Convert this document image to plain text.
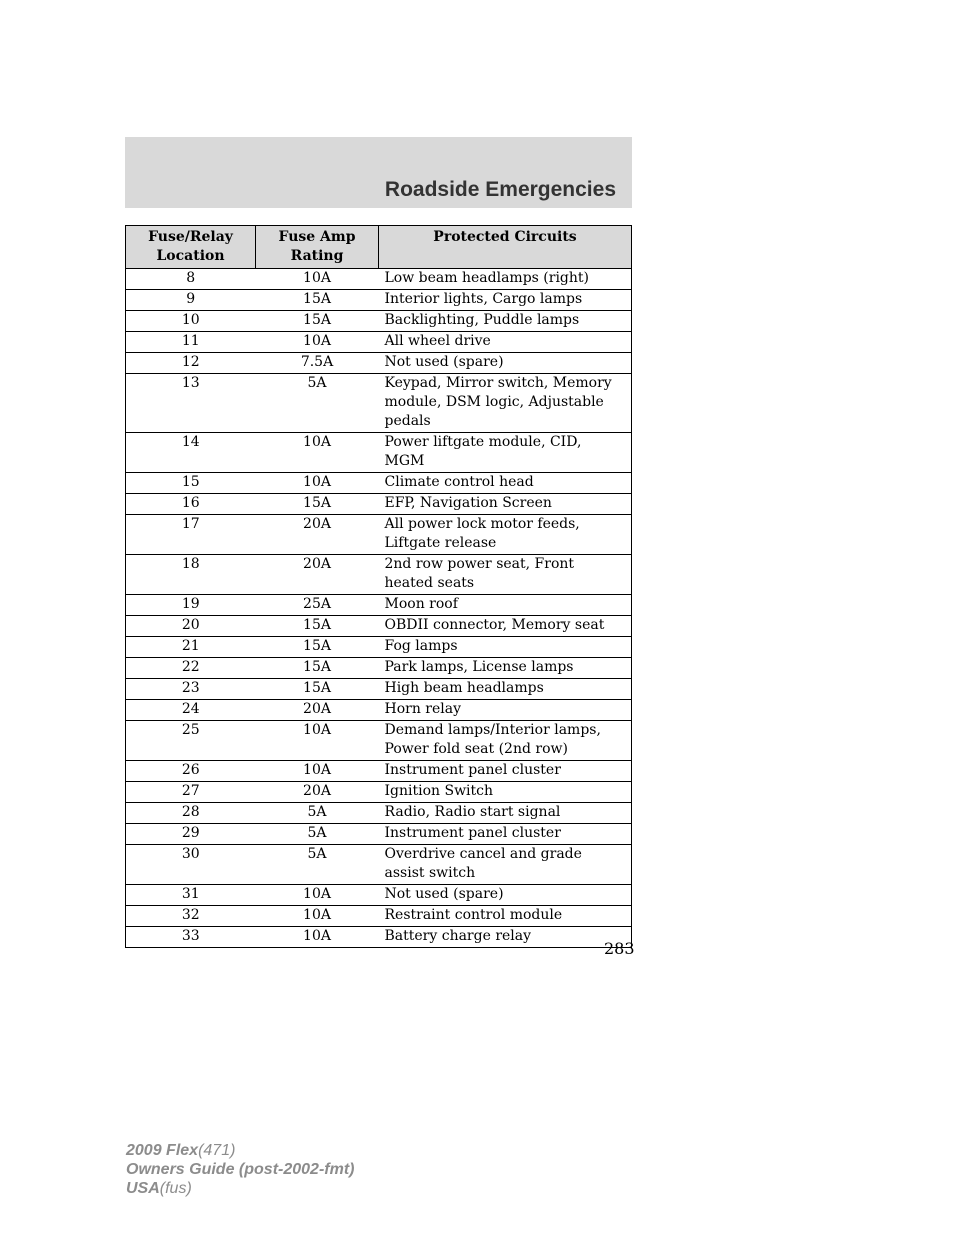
Roadside Emergencies
Fuse/Relay Location	Fuse Amp Rating	Protected Circuits
8	10A	Low beam headlamps (right)
9	15A	Interior lights, Cargo lamps
10	15A	Backlighting, Puddle lamps
11	10A	All wheel drive
12	7.5A	Not used (spare)
13	5A	Keypad, Mirror switch, Memory module, DSM logic, Adjustable pedals
14	10A	Power liftgate module, CID, MGM
15	10A	Climate control head
16	15A	EFP, Navigation Screen
17	20A	All power lock motor feeds, Liftgate release
18	20A	2nd row power seat, Front heated seats
19	25A	Moon roof
20	15A	OBDII connector, Memory seat
21	15A	Fog lamps
22	15A	Park lamps, License lamps
23	15A	High beam headlamps
24	20A	Horn relay
25	10A	Demand lamps/Interior lamps, Power fold seat (2nd row)
26	10A	Instrument panel cluster
27	20A	Ignition Switch
28	5A	Radio, Radio start signal
29	5A	Instrument panel cluster
30	5A	Overdrive cancel and grade assist switch
31	10A	Not used (spare)
32	10A	Restraint control module
33	10A	Battery charge relay
283
2009 Flex(471)
Owners Guide (post-2002-fmt)
USA(fus)
